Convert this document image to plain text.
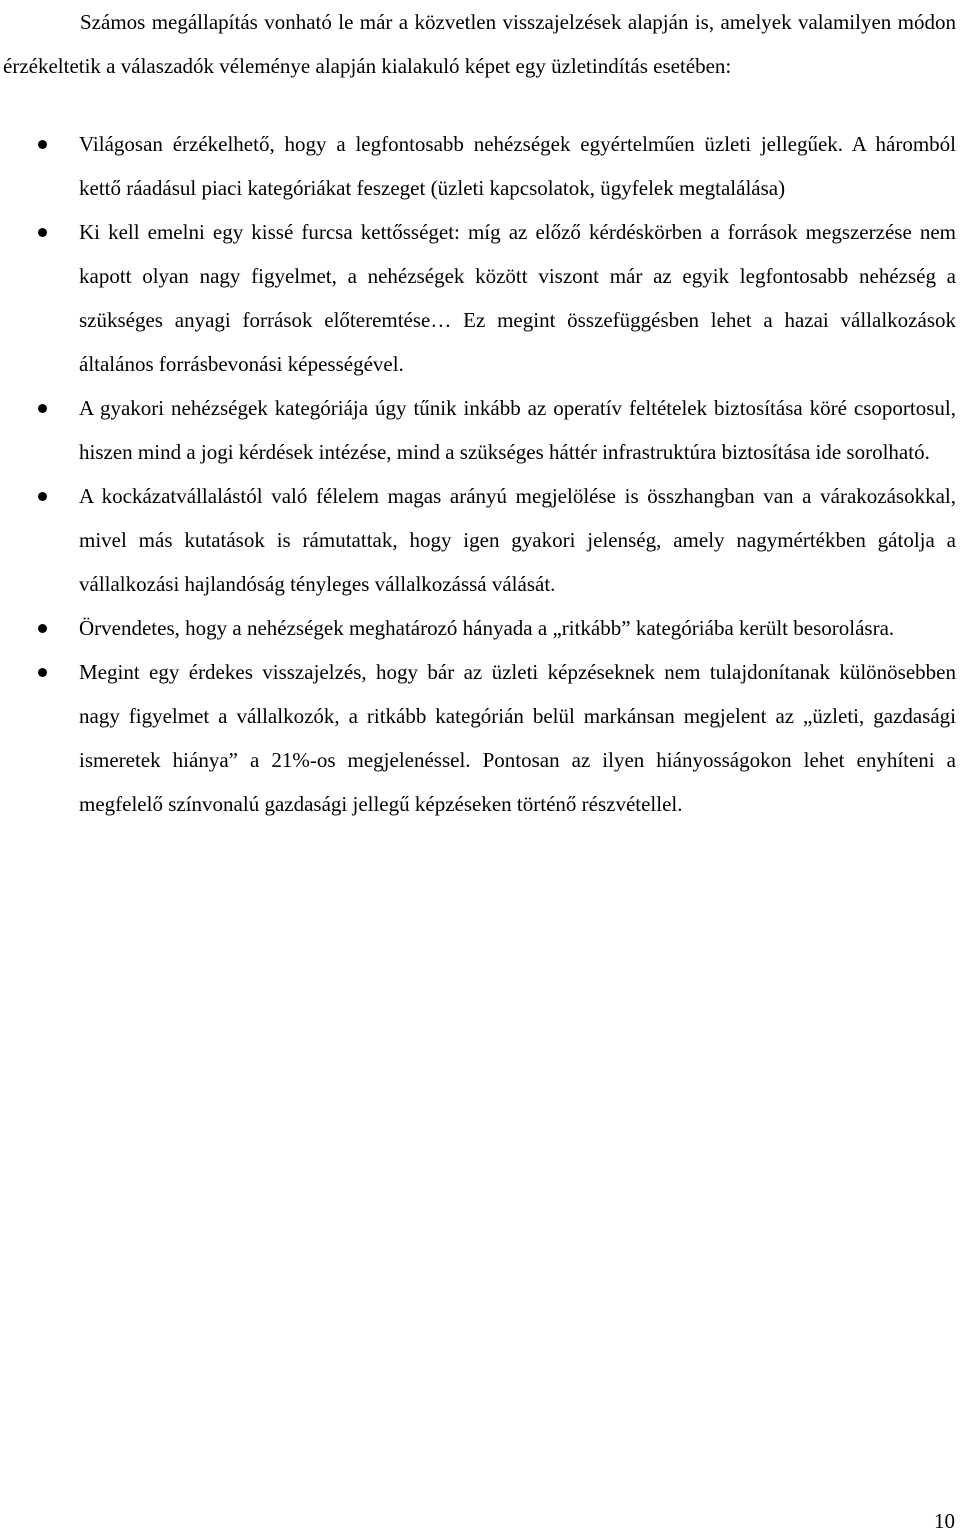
Számos megállapítás vonható le már a közvetlen visszajelzések alapján is, amelyek valamilyen módon érzékeltetik a válaszadók véleménye alapján kialakuló képet egy üzletindítás esetében:

Világosan érzékelhető, hogy a legfontosabb nehézségek egyértelműen üzleti jellegűek. A háromból kettő ráadásul piaci kategóriákat feszeget (üzleti kapcsolatok, ügyfelek megtalálása)
Ki kell emelni egy kissé furcsa kettősséget: míg az előző kérdéskörben a források megszerzése nem kapott olyan nagy figyelmet, a nehézségek között viszont már az egyik legfontosabb nehézség a szükséges anyagi források előteremtése… Ez megint összefüggésben lehet a hazai vállalkozások általános forrásbevonási képességével.
A gyakori nehézségek kategóriája úgy tűnik inkább az operatív feltételek biztosítása köré csoportosul, hiszen mind a jogi kérdések intézése, mind a szükséges háttér infrastruktúra biztosítása ide sorolható.
A kockázatvállalástól való félelem magas arányú megjelölése is összhangban van a várakozásokkal, mivel más kutatások is rámutattak, hogy igen gyakori jelenség, amely nagymértékben gátolja a vállalkozási hajlandóság tényleges vállalkozássá válását.
Örvendetes, hogy a nehézségek meghatározó hányada a „ritkább” kategóriába került besorolásra.
Megint egy érdekes visszajelzés, hogy bár az üzleti képzéseknek nem tulajdonítanak különösebben nagy figyelmet a vállalkozók, a ritkább kategórián belül markánsan megjelent az „üzleti, gazdasági ismeretek hiánya” a 21%-os megjelenéssel. Pontosan az ilyen hiányosságokon lehet enyhíteni a megfelelő színvonalú gazdasági jellegű képzéseken történő részvétellel.
10
